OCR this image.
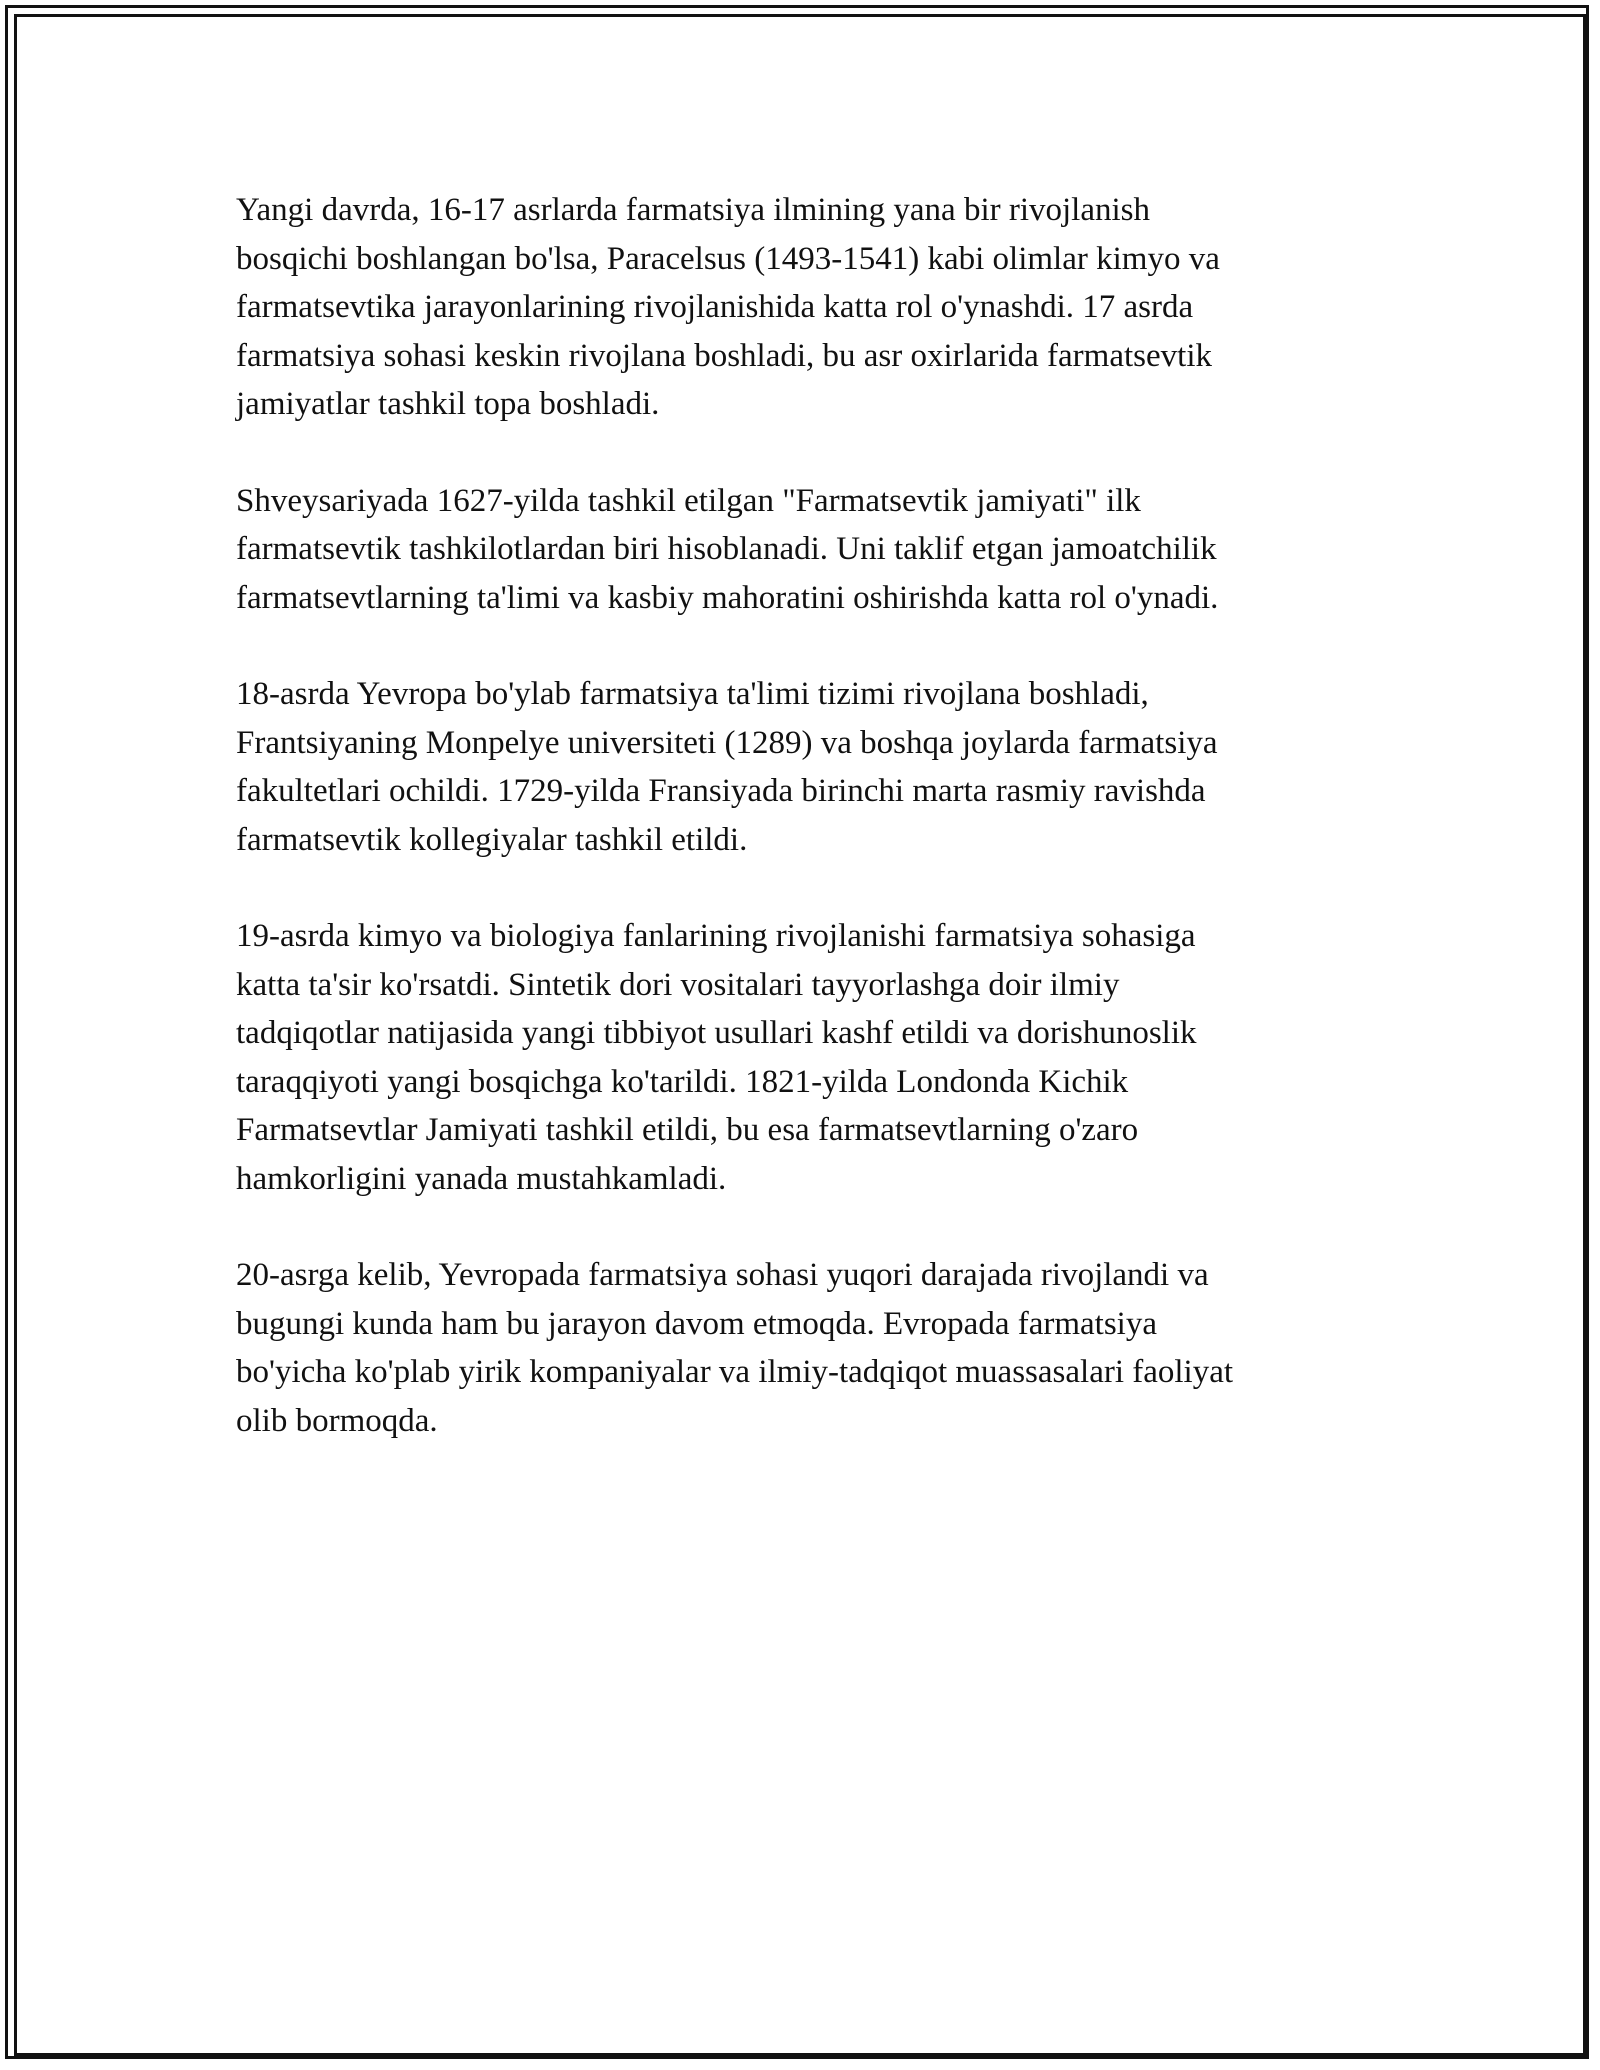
Yangi davrda, 16-17 asrlarda farmatsiya ilmining yana bir rivojlanish
bosqichi boshlangan bo'lsa, Paracelsus (1493-1541) kabi olimlar kimyo va
farmatsevtika jarayonlarining rivojlanishida katta rol o'ynashdi. 17 asrda
farmatsiya sohasi keskin rivojlana boshladi, bu asr oxirlarida farmatsevtik
jamiyatlar tashkil topa boshladi.

Shveysariyada 1627-yilda tashkil etilgan "Farmatsevtik jamiyati" ilk
farmatsevtik tashkilotlardan biri hisoblanadi. Uni taklif etgan jamoatchilik
farmatsevtlarning ta'limi va kasbiy mahoratini oshirishda katta rol o'ynadi.

18-asrda Yevropa bo'ylab farmatsiya ta'limi tizimi rivojlana boshladi,
Frantsiyaning Monpelye universiteti (1289) va boshqa joylarda farmatsiya
fakultetlari ochildi. 1729-yilda Fransiyada birinchi marta rasmiy ravishda
farmatsevtik kollegiyalar tashkil etildi.

19-asrda kimyo va biologiya fanlarining rivojlanishi farmatsiya sohasiga
katta ta'sir ko'rsatdi. Sintetik dori vositalari tayyorlashga doir ilmiy
tadqiqotlar natijasida yangi tibbiyot usullari kashf etildi va dorishunoslik
taraqqiyoti yangi bosqichga ko'tarildi. 1821-yilda Londonda Kichik
Farmatsevtlar Jamiyati tashkil etildi, bu esa farmatsevtlarning o'zaro
hamkorligini yanada mustahkamladi.

20-asrga kelib, Yevropada farmatsiya sohasi yuqori darajada rivojlandi va
bugungi kunda ham bu jarayon davom etmoqda. Evropada farmatsiya
bo'yicha ko'plab yirik kompaniyalar va ilmiy-tadqiqot muassasalari faoliyat
olib bormoqda.
